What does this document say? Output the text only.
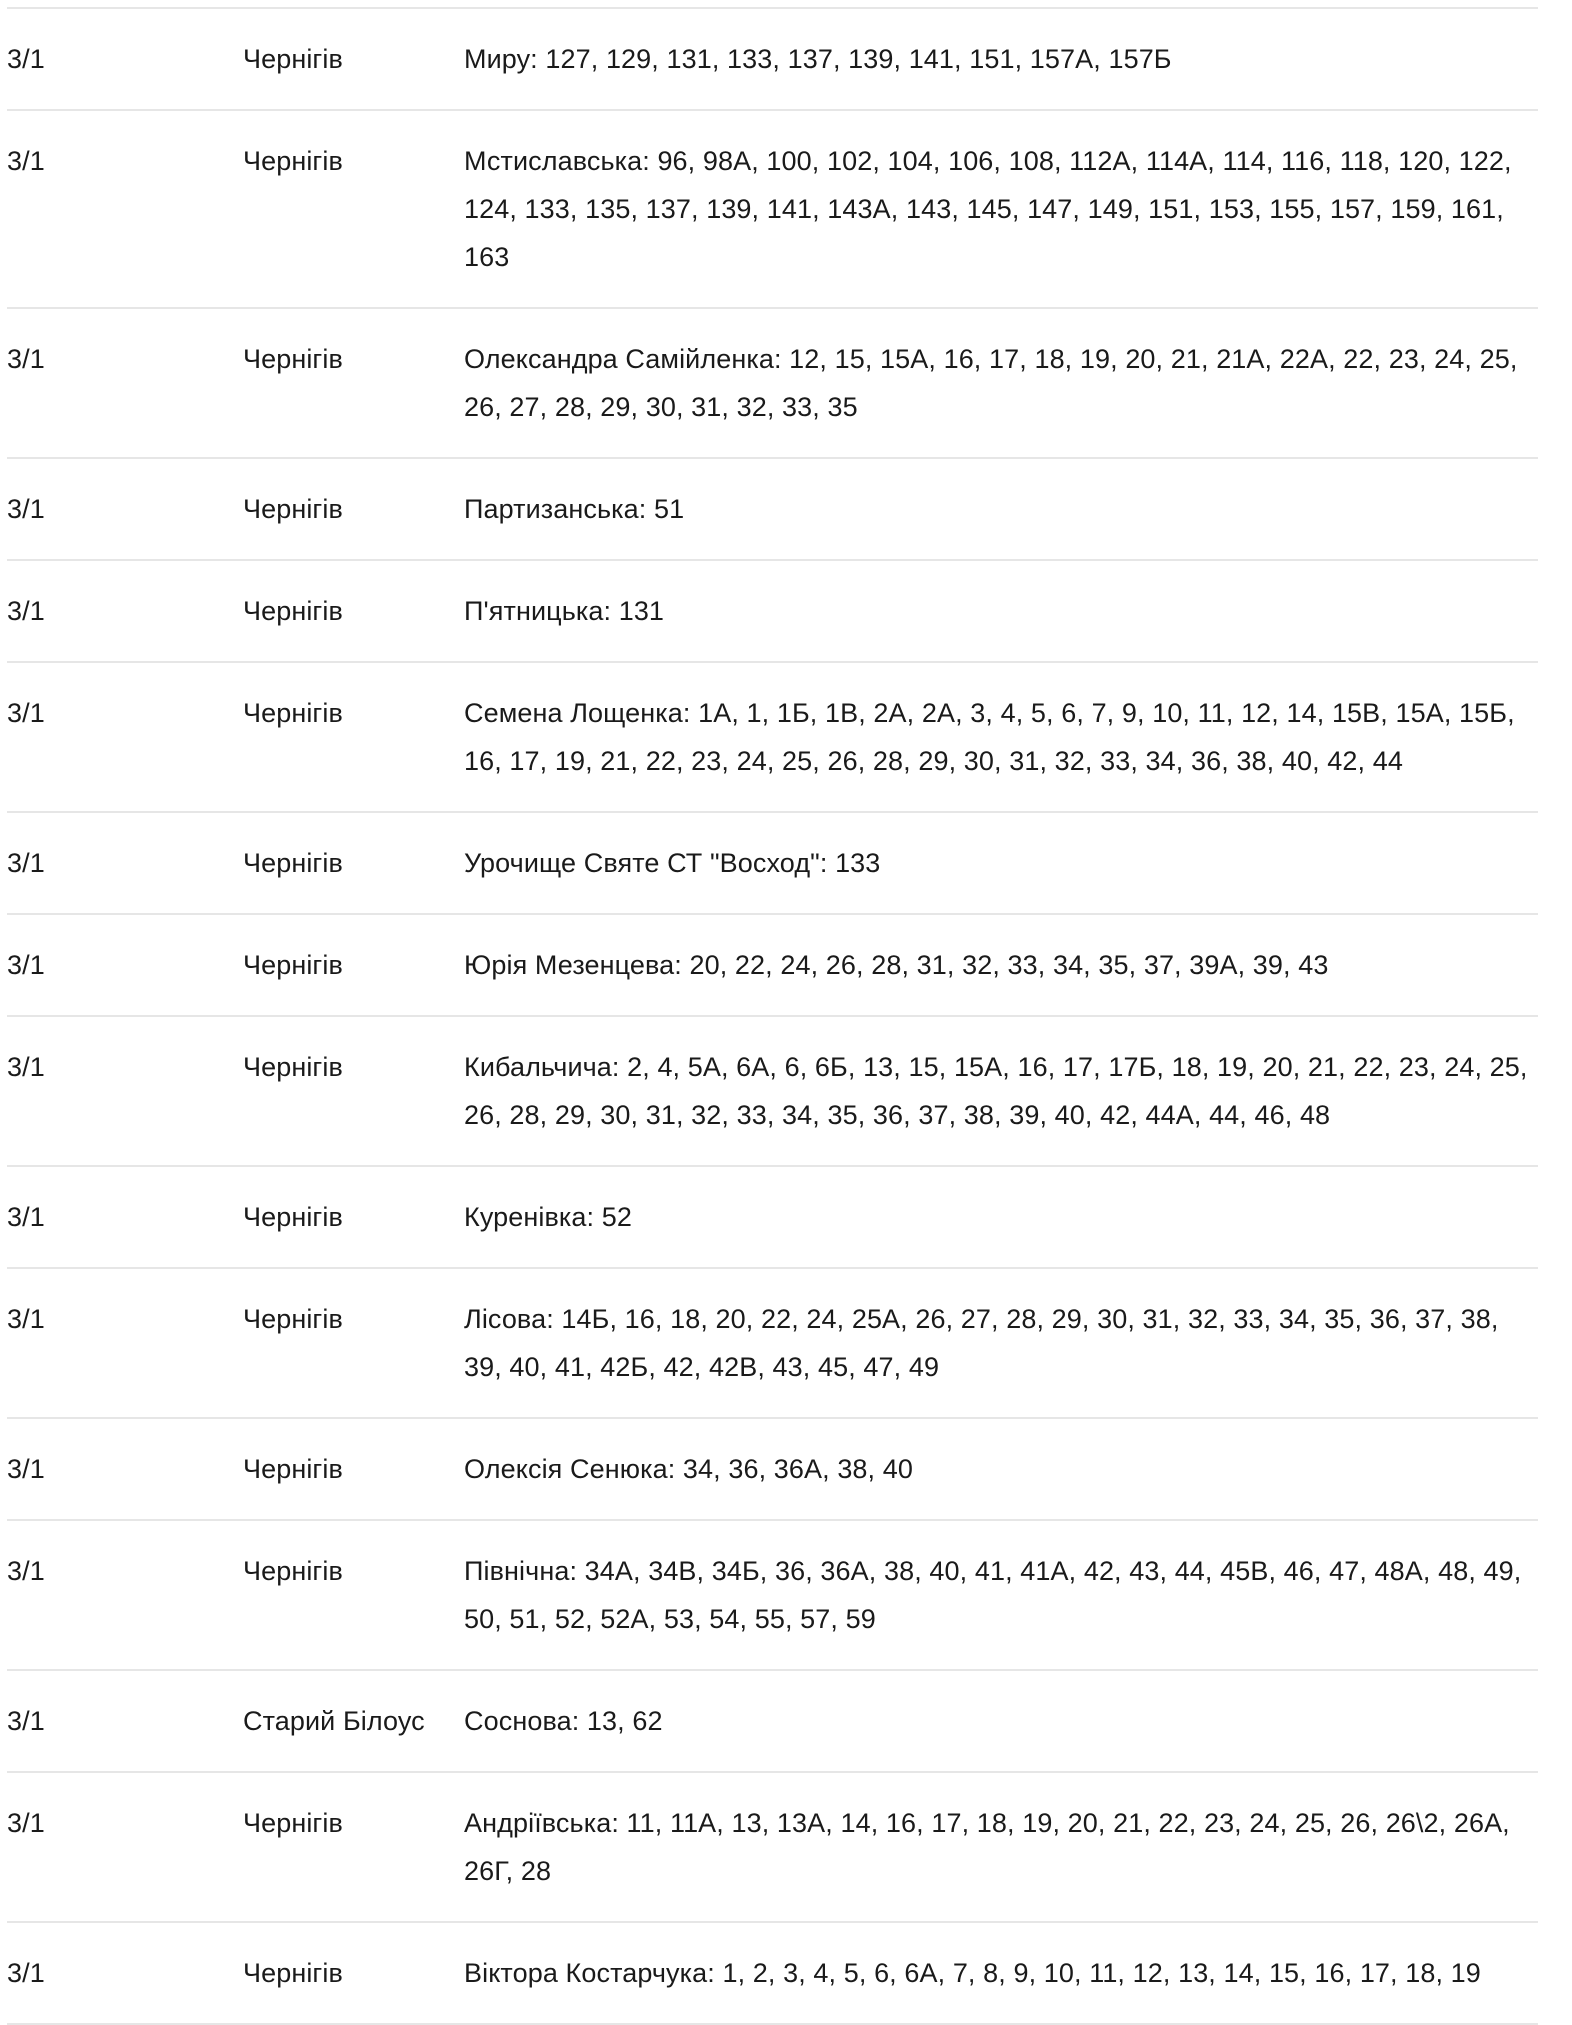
3/1	Чернігів	Миру: 127, 129, 131, 133, 137, 139, 141, 151, 157А, 157Б
3/1	Чернігів	Мстиславська: 96, 98А, 100, 102, 104, 106, 108, 112А, 114А, 114, 116, 118, 120, 122, 124, 133, 135, 137, 139, 141, 143А, 143, 145, 147, 149, 151, 153, 155, 157, 159, 161, 163
3/1	Чернігів	Олександра Самійленка: 12, 15, 15А, 16, 17, 18, 19, 20, 21, 21А, 22А, 22, 23, 24, 25, 26, 27, 28, 29, 30, 31, 32, 33, 35
3/1	Чернігів	Партизанська: 51
3/1	Чернігів	П'ятницька: 131
3/1	Чернігів	Семена Лощенка: 1А, 1, 1Б, 1В, 2А, 2А, 3, 4, 5, 6, 7, 9, 10, 11, 12, 14, 15В, 15А, 15Б, 16, 17, 19, 21, 22, 23, 24, 25, 26, 28, 29, 30, 31, 32, 33, 34, 36, 38, 40, 42, 44
3/1	Чернігів	Урочище Святе СТ "Восход": 133
3/1	Чернігів	Юрія Мезенцева: 20, 22, 24, 26, 28, 31, 32, 33, 34, 35, 37, 39А, 39, 43
3/1	Чернігів	Кибальчича: 2, 4, 5А, 6А, 6, 6Б, 13, 15, 15А, 16, 17, 17Б, 18, 19, 20, 21, 22, 23, 24, 25, 26, 28, 29, 30, 31, 32, 33, 34, 35, 36, 37, 38, 39, 40, 42, 44А, 44, 46, 48
3/1	Чернігів	Куренівка: 52
3/1	Чернігів	Лісова: 14Б, 16, 18, 20, 22, 24, 25А, 26, 27, 28, 29, 30, 31, 32, 33, 34, 35, 36, 37, 38, 39, 40, 41, 42Б, 42, 42В, 43, 45, 47, 49
3/1	Чернігів	Олексія Сенюка: 34, 36, 36А, 38, 40
3/1	Чернігів	Північна: 34А, 34В, 34Б, 36, 36А, 38, 40, 41, 41А, 42, 43, 44, 45В, 46, 47, 48А, 48, 49, 50, 51, 52, 52А, 53, 54, 55, 57, 59
3/1	Старий Білоус	Соснова: 13, 62
3/1	Чернігів	Андріївська: 11, 11А, 13, 13А, 14, 16, 17, 18, 19, 20, 21, 22, 23, 24, 25, 26, 26\2, 26А, 26Г, 28
3/1	Чернігів	Віктора Костарчука: 1, 2, 3, 4, 5, 6, 6А, 7, 8, 9, 10, 11, 12, 13, 14, 15, 16, 17, 18, 19
